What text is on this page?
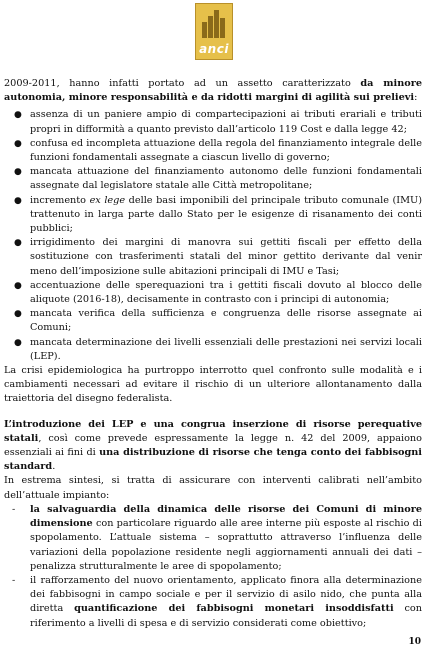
anci

2009-2011, hanno infatti portato ad un assetto caratterizzato da minore autonomia, minore responsabilità e da ridotti margini di agilità sui prelievi:

● assenza di un paniere ampio di compartecipazioni ai tributi erariali e tributi propri in difformità a quanto previsto dall’articolo 119 Cost e dalla legge 42;
● confusa ed incompleta attuazione della regola del finanziamento integrale delle funzioni fondamentali assegnate a ciascun livello di governo;
● mancata attuazione del finanziamento autonomo delle funzioni fondamentali assegnate dal legislatore statale alle Città metropolitane;
● incremento ex lege delle basi imponibili del principale tributo comunale (IMU) trattenuto in larga parte dallo Stato per le esigenze di risanamento dei conti pubblici;
● irrigidimento dei margini di manovra sui gettiti fiscali per effetto della sostituzione con trasferimenti statali del minor gettito derivante dal venir meno dell’imposizione sulle abitazioni principali di IMU e Tasi;
● accentuazione delle sperequazioni tra i gettiti fiscali dovuto al blocco delle aliquote (2016-18), decisamente in contrasto con i principi di autonomia;
● mancata verifica della sufficienza e congruenza delle risorse assegnate ai Comuni;
● mancata determinazione dei livelli essenziali delle prestazioni nei servizi locali (LEP).

La crisi epidemiologica ha purtroppo interrotto quel confronto sulle modalità e i cambiamenti necessari ad evitare il rischio di un ulteriore allontanamento dalla traiettoria del disegno federalista.

L’introduzione dei LEP e una congrua inserzione di risorse perequative statali, così come prevede espressamente la legge n. 42 del 2009, appaiono essenziali ai fini di una distribuzione di risorse che tenga conto dei fabbisogni standard.

In estrema sintesi, si tratta di assicurare con interventi calibrati nell’ambito dell’attuale impianto:

- la salvaguardia della dinamica delle risorse dei Comuni di minore dimensione con particolare riguardo alle aree interne più esposte al rischio di spopolamento. L’attuale sistema – soprattutto attraverso l’influenza delle variazioni della popolazione residente negli aggiornamenti annuali dei dati – penalizza strutturalmente le aree di spopolamento;
- il rafforzamento del nuovo orientamento, applicato finora alla determinazione dei fabbisogni in campo sociale e per il servizio di asilo nido, che punta alla diretta quantificazione dei fabbisogni monetari insoddisfatti con riferimento a livelli di spesa e di servizio considerati come obiettivo;
10
